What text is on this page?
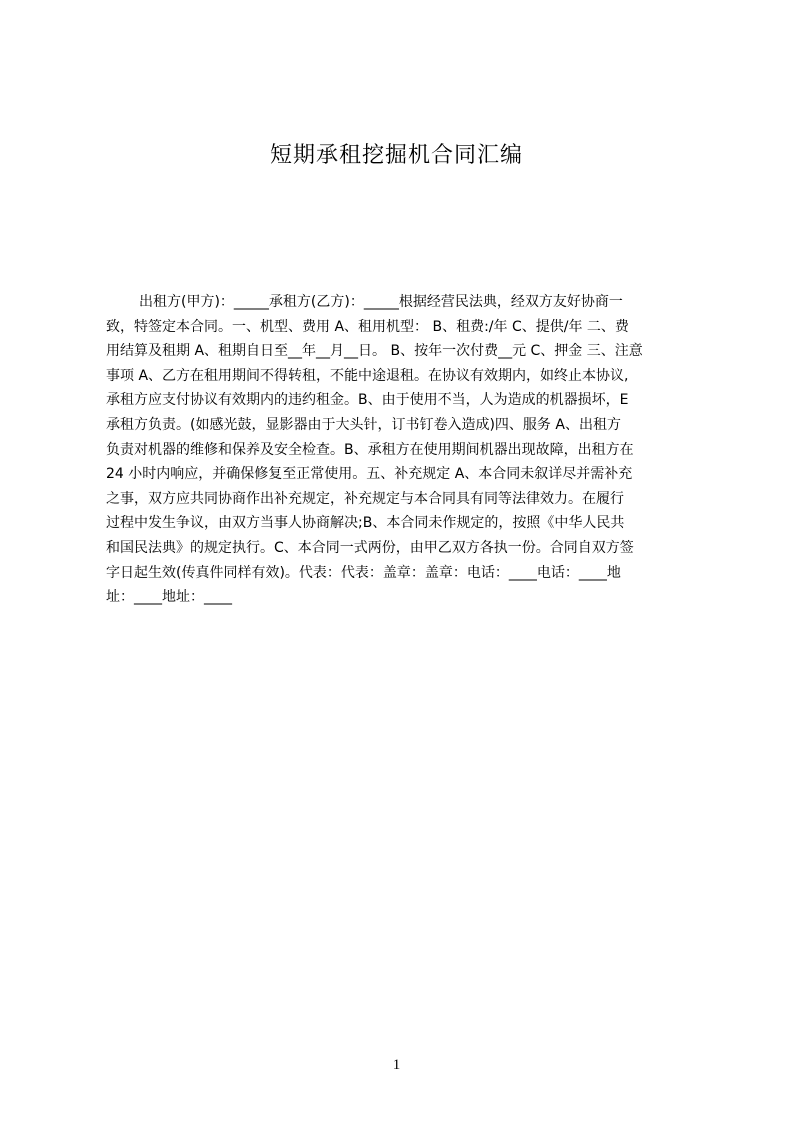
短期承租挖掘机合同汇编
出租方(甲方)：_____承租方(乙方)：_____根据经营民法典，经双方友好协商一
致，特签定本合同。一、机型、费用 A、租用机型： B、租费:/年 C、提供/年 二、费
用结算及租期 A、租期自日至__年__月__日。 B、按年一次付费__元 C、押金 三、注意
事项 A、乙方在租用期间不得转租，不能中途退租。在协议有效期内，如终止本协议,
承租方应支付协议有效期内的违约租金。B、由于使用不当，人为造成的机器损坏，E
承租方负责。(如感光鼓，显影器由于大头针，订书钉卷入造成)四、服务 A、出租方
负责对机器的维修和保养及安全检查。B、承租方在使用期间机器出现故障，出租方在
24 小时内响应，并确保修复至正常使用。五、补充规定 A、本合同未叙详尽并需补充
之事，双方应共同协商作出补充规定，补充规定与本合同具有同等法律效力。在履行
过程中发生争议，由双方当事人协商解决;B、本合同未作规定的，按照《中华人民共
和国民法典》的规定执行。C、本合同一式两份，由甲乙双方各执一份。合同自双方签
字日起生效(传真件同样有效)。代表：代表：盖章：盖章：电话：____电话：____地
址：____地址：____
1
